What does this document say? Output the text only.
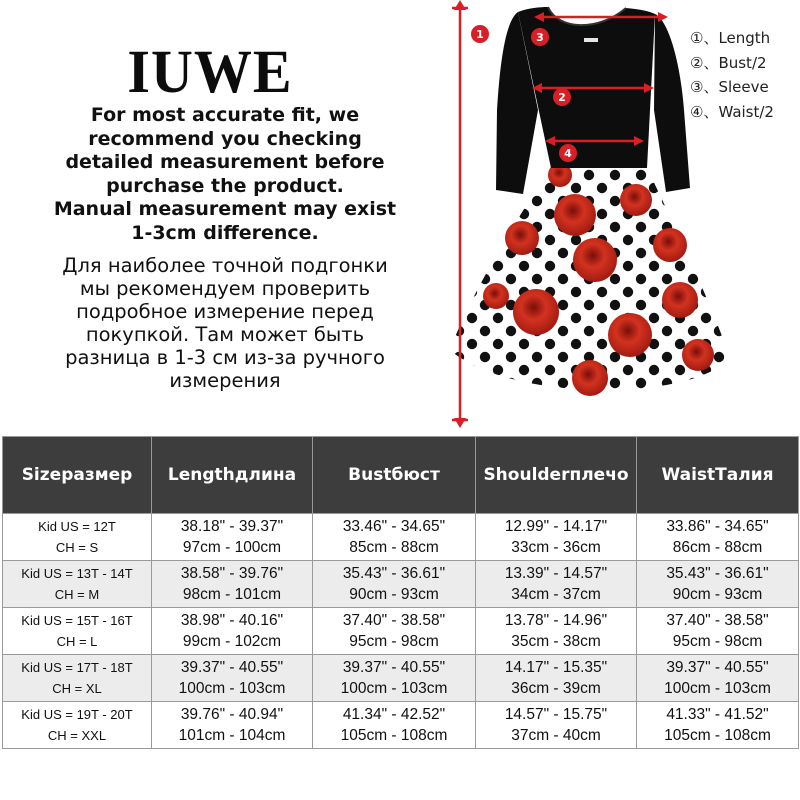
IUWE
For most accurate fit, we
recommend you checking
detailed measurement before
purchase the product.
Manual measurement may exist
1-3cm difference.
Для наиболее точной подгонки
мы рекомендуем проверить
подробное измерение перед
покупкой. Там может быть
разница в 1-3 см из-за ручного
измерения
1
2
3
4
①、Length
②、Bust/2
③、Sleeve
④、Waist/2
Sizeразмер	Lengthдлина	Bustбюст	Shoulderплечо	WaistТалия

Kid US = 12T
CH = S	38.18" - 39.37"
97cm - 100cm	33.46" - 34.65"
85cm - 88cm	12.99" - 14.17"
33cm - 36cm	33.86" - 34.65"
86cm - 88cm

Kid US = 13T - 14T
CH = M	38.58" - 39.76"
98cm - 101cm	35.43" - 36.61"
90cm - 93cm	13.39" - 14.57"
34cm - 37cm	35.43" - 36.61"
90cm - 93cm

Kid US = 15T - 16T
CH = L	38.98" - 40.16"
99cm - 102cm	37.40" - 38.58"
95cm - 98cm	13.78" - 14.96"
35cm - 38cm	37.40" - 38.58"
95cm - 98cm

Kid US = 17T - 18T
CH = XL	39.37" - 40.55"
100cm - 103cm	39.37" - 40.55"
100cm - 103cm	14.17" - 15.35"
36cm - 39cm	39.37" - 40.55"
100cm - 103cm

Kid US = 19T - 20T
CH = XXL	39.76" - 40.94"
101cm - 104cm	41.34" - 42.52"
105cm - 108cm	14.57" - 15.75"
37cm - 40cm	41.33" - 41.52"
105cm - 108cm
